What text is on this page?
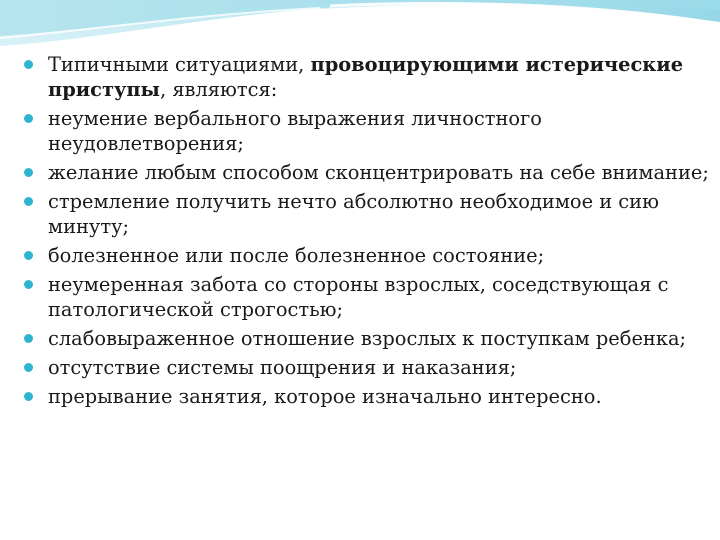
Типичными ситуациями, провоцирующими истерические приступы, являются:
неумение вербального выражения личностного неудовлетворения;
желание любым способом сконцентрировать на себе внимание;
стремление получить нечто абсолютно необходимое и сию минуту;
болезненное или после болезненное состояние;
неумеренная забота со стороны взрослых, соседствующая с патологической строгостью;
слабовыраженное отношение взрослых к поступкам ребенка;
отсутствие системы поощрения и наказания;
прерывание занятия, которое изначально интересно.
